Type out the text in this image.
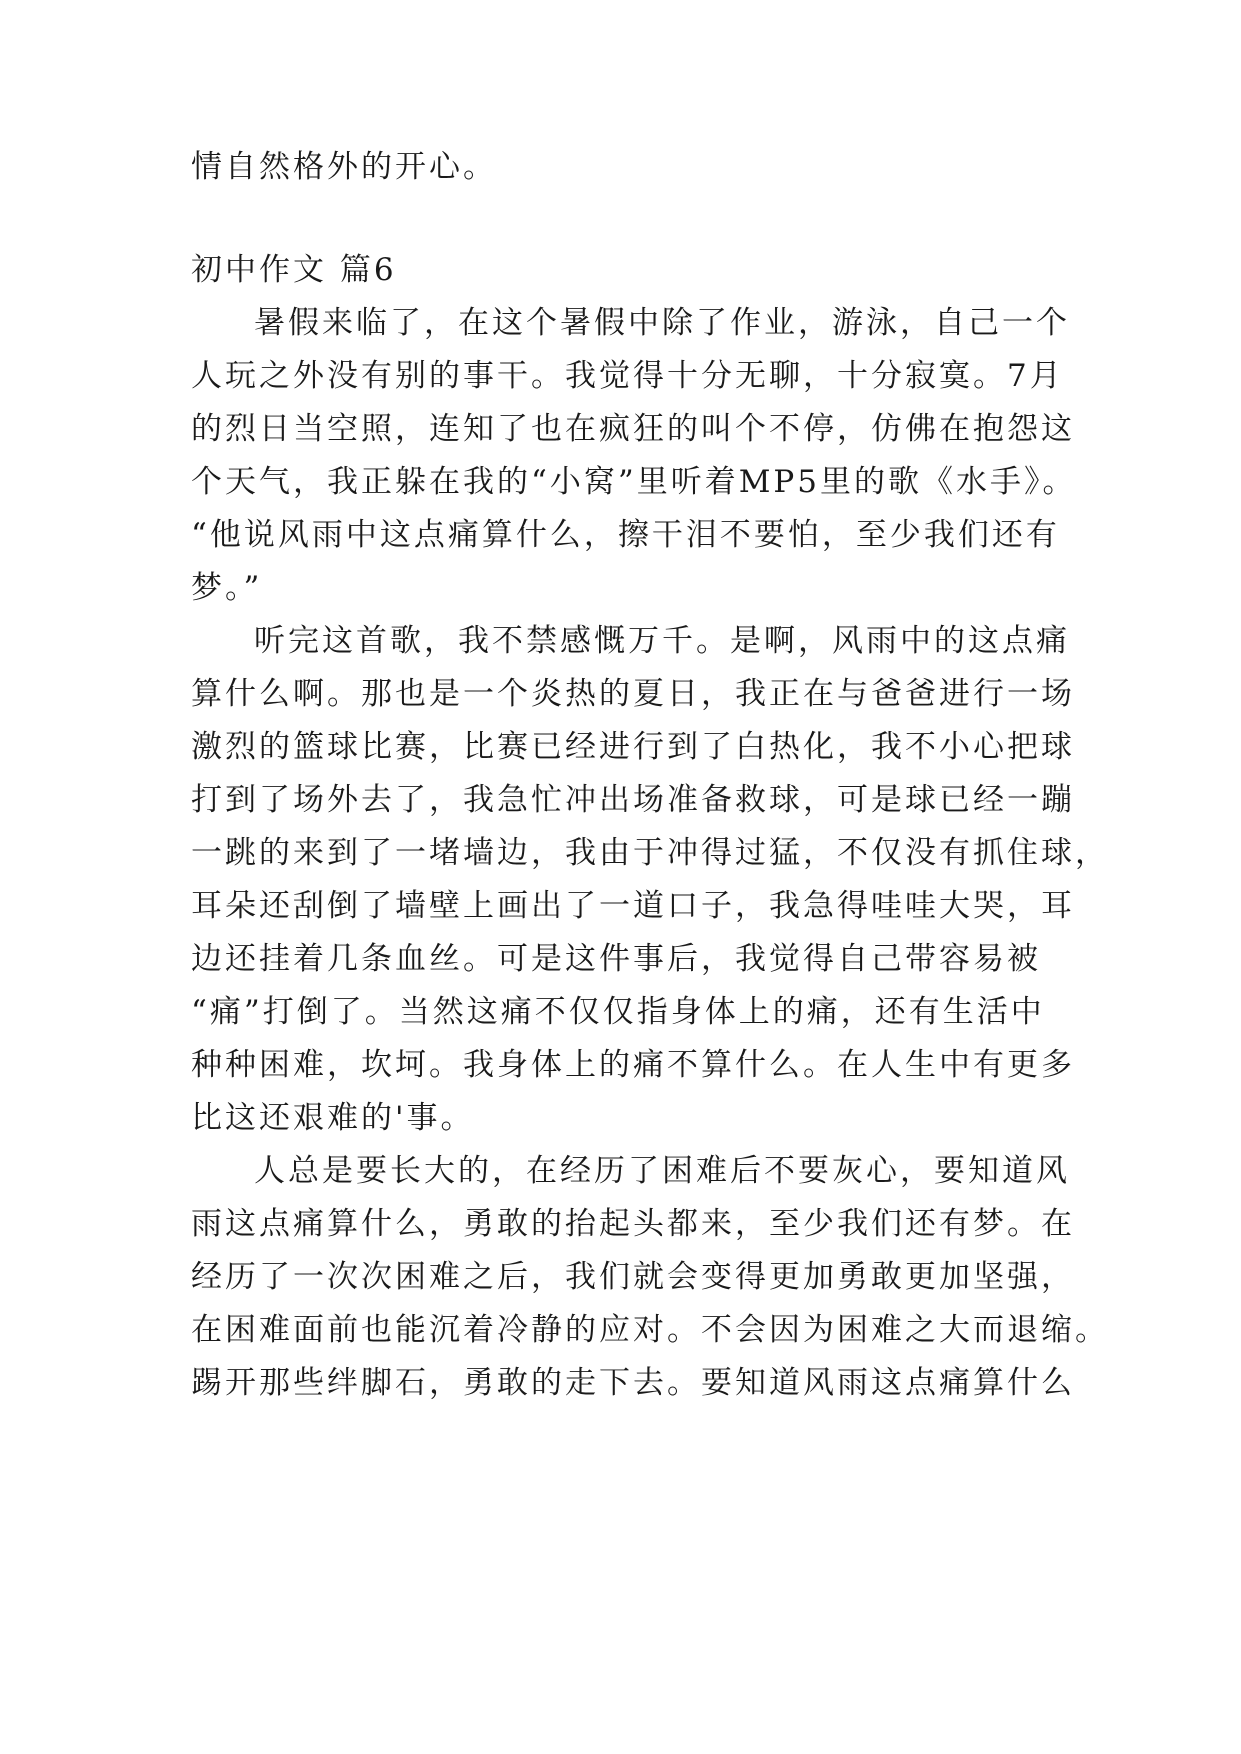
情自然格外的开心。
初中作文 篇6
暑假来临了，在这个暑假中除了作业，游泳，自己一个
人玩之外没有别的事干。我觉得十分无聊，十分寂寞。7月
的烈日当空照，连知了也在疯狂的叫个不停，仿佛在抱怨这
个天气，我正躲在我的“小窝”里听着MP5里的歌《水手》。
“他说风雨中这点痛算什么，擦干泪不要怕，至少我们还有
梦。”
听完这首歌，我不禁感慨万千。是啊，风雨中的这点痛
算什么啊。那也是一个炎热的夏日，我正在与爸爸进行一场
激烈的篮球比赛，比赛已经进行到了白热化，我不小心把球
打到了场外去了，我急忙冲出场准备救球，可是球已经一蹦
一跳的来到了一堵墙边，我由于冲得过猛，不仅没有抓住球，
耳朵还刮倒了墙壁上画出了一道口子，我急得哇哇大哭，耳
边还挂着几条血丝。可是这件事后，我觉得自己带容易被
“痛”打倒了。当然这痛不仅仅指身体上的痛，还有生活中
种种困难，坎坷。我身体上的痛不算什么。在人生中有更多
比这还艰难的'事。
人总是要长大的，在经历了困难后不要灰心，要知道风
雨这点痛算什么，勇敢的抬起头都来，至少我们还有梦。在
经历了一次次困难之后，我们就会变得更加勇敢更加坚强，
在困难面前也能沉着冷静的应对。不会因为困难之大而退缩。
踢开那些绊脚石，勇敢的走下去。要知道风雨这点痛算什么
